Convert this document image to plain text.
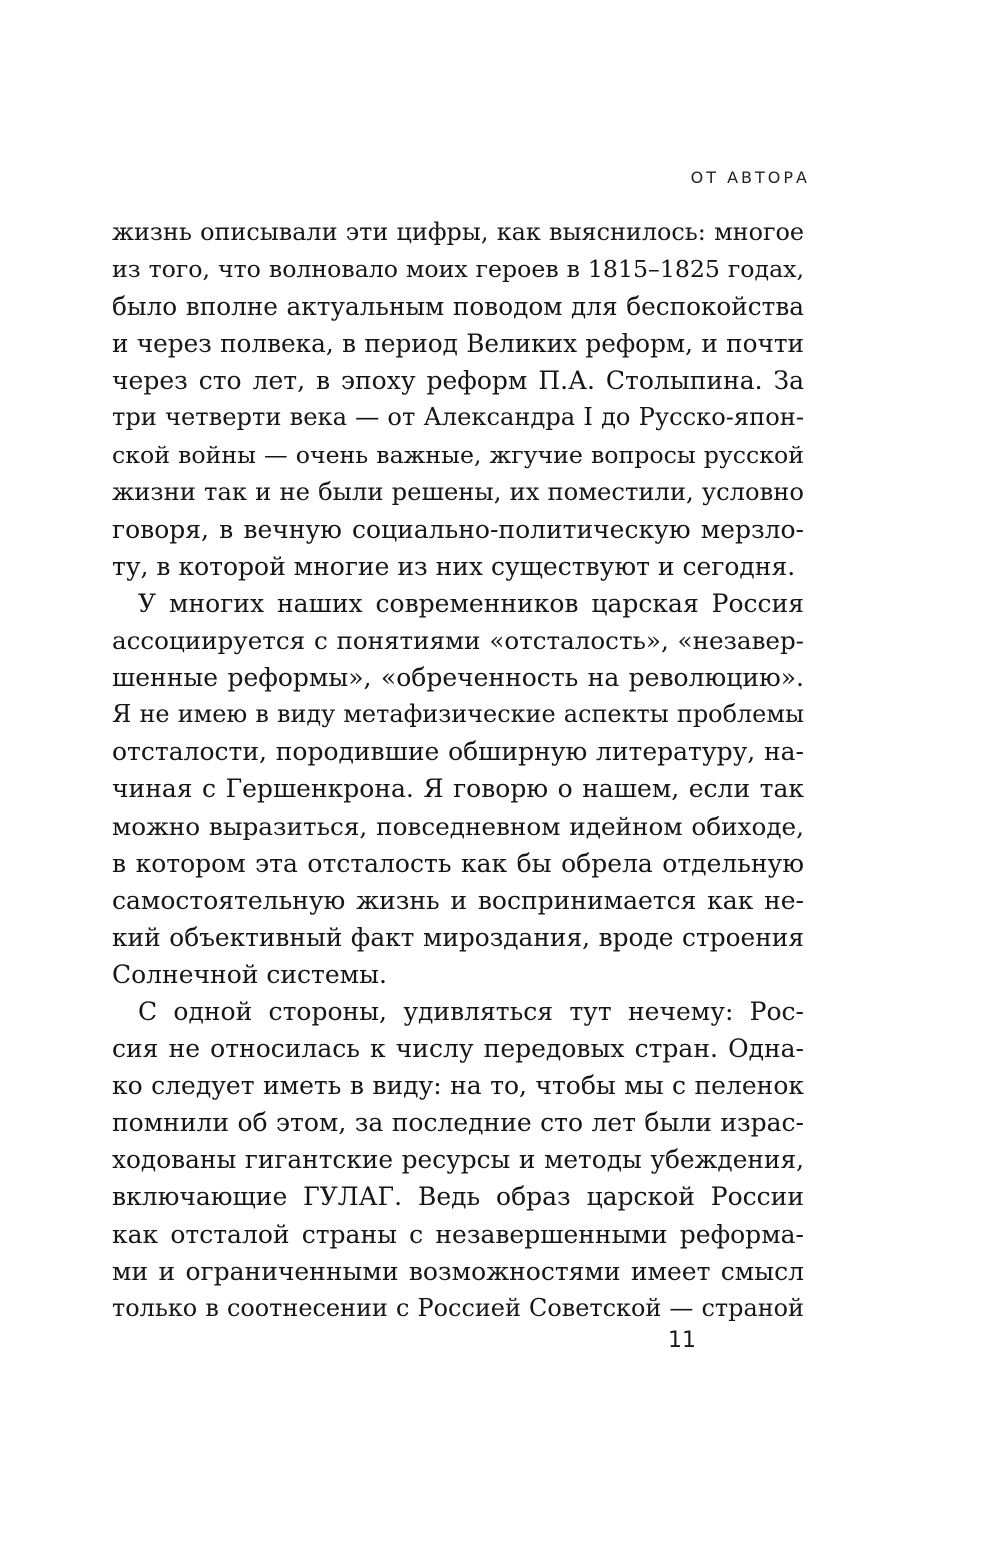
ОТ АВТОРА
жизнь описывали эти цифры, как выяснилось: многое
из того, что волновало моих героев в 1815–1825 годах,
было вполне актуальным поводом для беспокойства
и через полвека, в период Великих реформ, и почти
через сто лет, в эпоху реформ П.А. Столыпина. За
три четверти века — от Александра I до Русско-япон-
ской войны — очень важные, жгучие вопросы русской
жизни так и не были решены, их поместили, условно
говоря, в вечную социально-политическую мерзло-
ту, в которой многие из них существуют и сегодня.
У многих наших современников царская Россия
ассоциируется с понятиями «отсталость», «незавер-
шенные реформы», «обреченность на революцию».
Я не имею в виду метафизические аспекты проблемы
отсталости, породившие обширную литературу, на-
чиная с Гершенкрона. Я говорю о нашем, если так
можно выразиться, повседневном идейном обиходе,
в котором эта отсталость как бы обрела отдельную
самостоятельную жизнь и воспринимается как не-
кий объективный факт мироздания, вроде строения
Солнечной системы.
С одной стороны, удивляться тут нечему: Рос-
сия не относилась к числу передовых стран. Одна-
ко следует иметь в виду: на то, чтобы мы с пеленок
помнили об этом, за последние сто лет были израс-
ходованы гигантские ресурсы и методы убеждения,
включающие ГУЛАГ. Ведь образ царской России
как отсталой страны с незавершенными реформа-
ми и ограниченными возможностями имеет смысл
только в соотнесении с Россией Советской — страной
11
